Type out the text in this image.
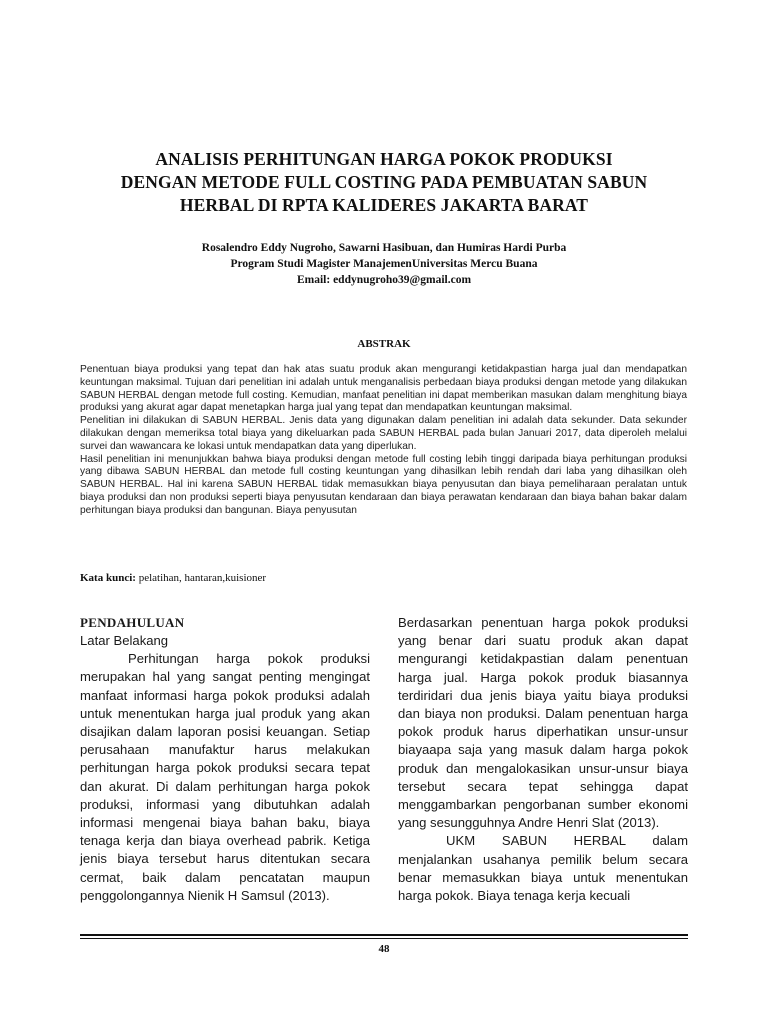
ANALISIS PERHITUNGAN HARGA POKOK PRODUKSI
DENGAN METODE FULL COSTING PADA PEMBUATAN SABUN
HERBAL DI RPTA KALIDERES JAKARTA BARAT
Rosalendro Eddy Nugroho, Sawarni Hasibuan, dan Humiras Hardi Purba
Program Studi Magister ManajemenUniversitas Mercu Buana
Email: eddynugroho39@gmail.com
ABSTRAK

Penentuan biaya produksi yang tepat dan hak atas suatu produk akan mengurangi ketidakpastian harga jual dan mendapatkan keuntungan maksimal. Tujuan dari penelitian ini adalah untuk menganalisis perbedaan biaya produksi dengan metode yang dilakukan SABUN HERBAL dengan metode full costing. Kemudian, manfaat penelitian ini dapat memberikan masukan dalam menghitung biaya produksi yang akurat agar dapat menetapkan harga jual yang tepat dan mendapatkan keuntungan maksimal.

Penelitian ini dilakukan di SABUN HERBAL. Jenis data yang digunakan dalam penelitian ini adalah data sekunder. Data sekunder dilakukan dengan memeriksa total biaya yang dikeluarkan pada SABUN HERBAL pada bulan Januari 2017, data diperoleh melalui survei dan wawancara ke lokasi untuk mendapatkan data yang diperlukan.

Hasil penelitian ini menunjukkan bahwa biaya produksi dengan metode full costing lebih tinggi daripada biaya perhitungan produksi yang dibawa SABUN HERBAL dan metode full costing keuntungan yang dihasilkan lebih rendah dari laba yang dihasilkan oleh SABUN HERBAL. Hal ini karena SABUN HERBAL tidak memasukkan biaya penyusutan dan biaya pemeliharaan peralatan untuk biaya produksi dan non produksi seperti biaya penyusutan kendaraan dan biaya perawatan kendaraan dan biaya bahan bakar dalam perhitungan biaya produksi dan bangunan. Biaya penyusutan

Kata kunci: pelatihan, hantaran,kuisioner
PENDAHULUAN
Latar Belakang

Perhitungan harga pokok produksi merupakan hal yang sangat penting mengingat manfaat informasi harga pokok produksi adalah untuk menentukan harga jual produk yang akan disajikan dalam laporan posisi keuangan. Setiap perusahaan manufaktur harus melakukan perhitungan harga pokok produksi secara tepat dan akurat. Di dalam perhitungan harga pokok produksi, informasi yang dibutuhkan adalah informasi mengenai biaya bahan baku, biaya tenaga kerja dan biaya overhead pabrik. Ketiga jenis biaya tersebut harus ditentukan secara cermat, baik dalam pencatatan maupun penggolongannya Nienik H Samsul (2013).

Berdasarkan penentuan harga pokok produksi yang benar dari suatu produk akan dapat mengurangi ketidakpastian dalam penentuan harga jual. Harga pokok produk biasannya terdiridari dua jenis biaya yaitu biaya produksi dan biaya non produksi. Dalam penentuan harga pokok produk harus diperhatikan unsur-unsur biayaapa saja yang masuk dalam harga pokok produk dan mengalokasikan unsur-unsur biaya tersebut secara tepat sehingga dapat menggambarkan pengorbanan sumber ekonomi yang sesungguhnya Andre Henri Slat (2013).

UKM SABUN HERBAL dalam menjalankan usahanya pemilik belum secara benar memasukkan biaya untuk menentukan harga pokok. Biaya tenaga kerja kecuali

48
